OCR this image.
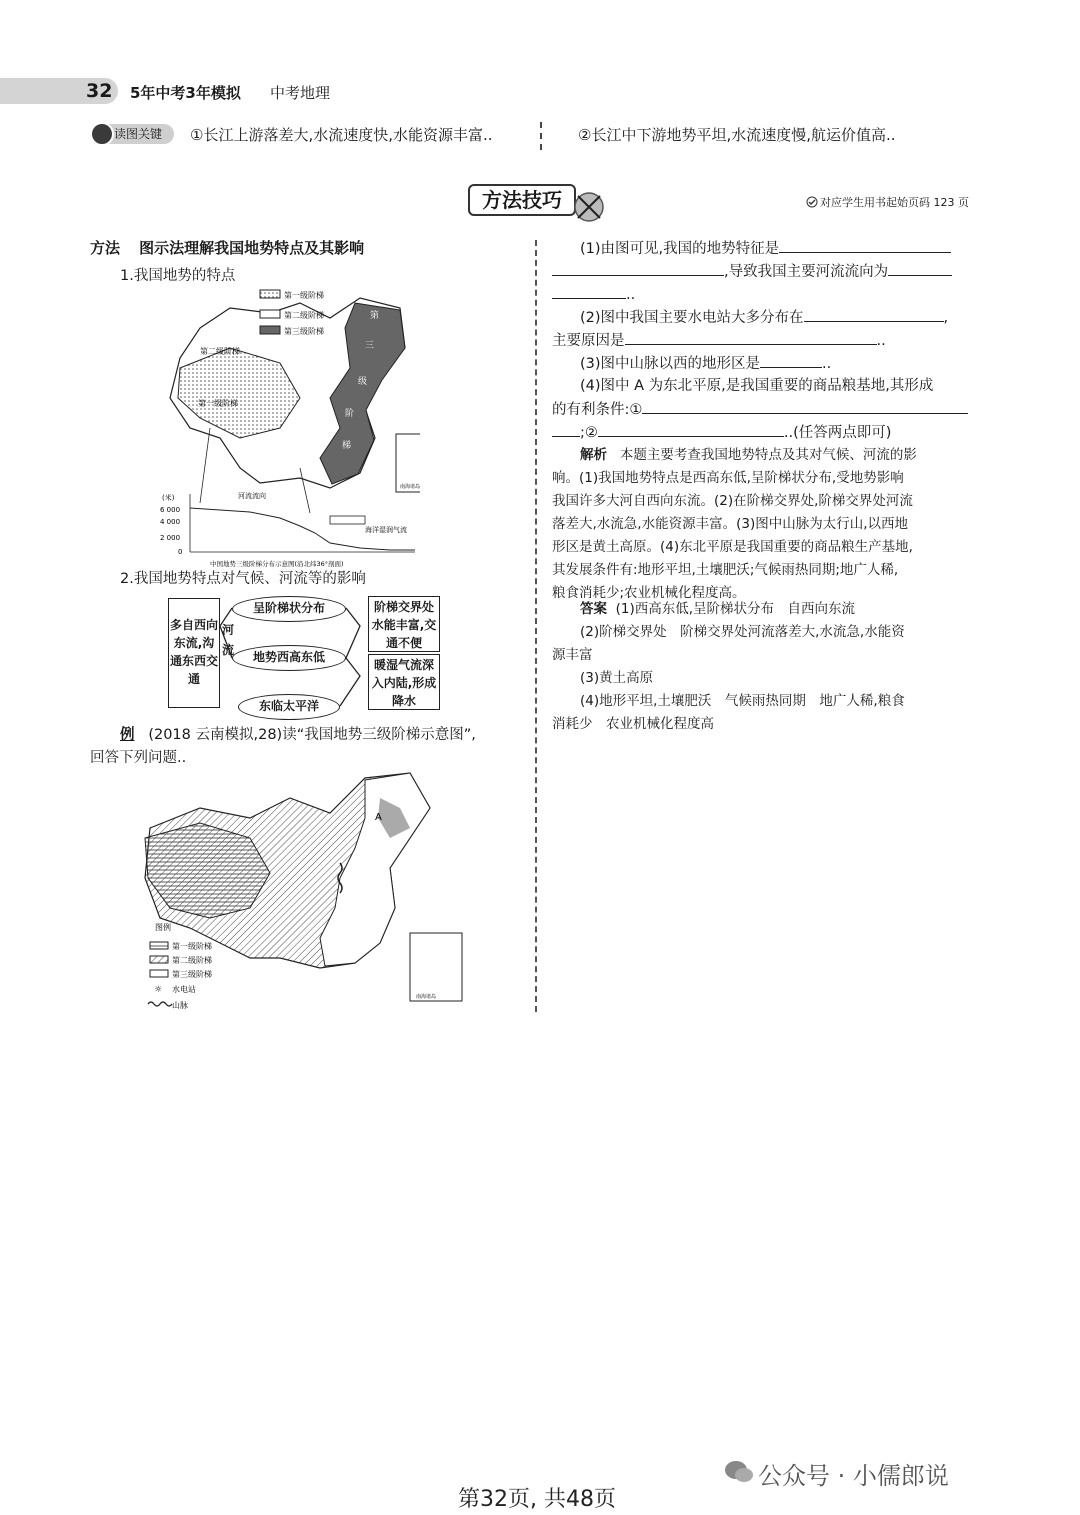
32 5年中考3年模拟 中考地理
读图关键	①长江上游落差大,水流速度快,水能资源丰富..	②长江中下游地势平坦,水流速度慢,航运价值高..
方法技巧	对应学生用书起始页码 123 页
方法 图示法理解我国地势特点及其影响
1.我国地势的特点
第一级阶梯
第二级阶梯
第三级阶梯
第二级阶梯
第一级阶梯
第
三
级
阶
梯
南海诸岛
(米)
6 000
4 000
2 000
0
河流流向
海洋湿润气流
中国地势三级阶梯分布示意图(沿北纬36°剖面)
2.我国地势特点对气候、河流等的影响
多自西向东流,沟通东西交通
河流
呈阶梯状分布
地势西高东低
东临太平洋
阶梯交界处水能丰富,交通不便
暖湿气流深入内陆,形成降水
例 (2018 云南模拟,28)读“我国地势三级阶梯示意图”,
回答下列问题..
A
南海诸岛
图例
第一级阶梯
第二级阶梯
第三级阶梯
☼ 水电站
山脉
(1)由图可见,我国的地势特征是
,导致我国主要河流流向为
..
(2)图中我国主要水电站大多分布在	,
主要原因是	..
(3)图中山脉以西的地形区是	..
(4)图中 A 为东北平原,是我国重要的商品粮基地,其形成
的有利条件:①
;②	..(任答两点即可)
解析 本题主要考查我国地势特点及其对气候、河流的影
响。(1)我国地势特点是西高东低,呈阶梯状分布,受地势影响
我国许多大河自西向东流。(2)在阶梯交界处,阶梯交界处河流
落差大,水流急,水能资源丰富。(3)图中山脉为太行山,以西地
形区是黄土高原。(4)东北平原是我国重要的商品粮生产基地,
其发展条件有:地形平坦,土壤肥沃;气候雨热同期;地广人稀,
粮食消耗少;农业机械化程度高。
答案 (1)西高东低,呈阶梯状分布　自西向东流
(2)阶梯交界处　阶梯交界处河流落差大,水流急,水能资
源丰富
(3)黄土高原
(4)地形平坦,土壤肥沃　气候雨热同期　地广人稀,粮食
消耗少　农业机械化程度高
公众号 · 小儒郎说
第32页, 共48页
